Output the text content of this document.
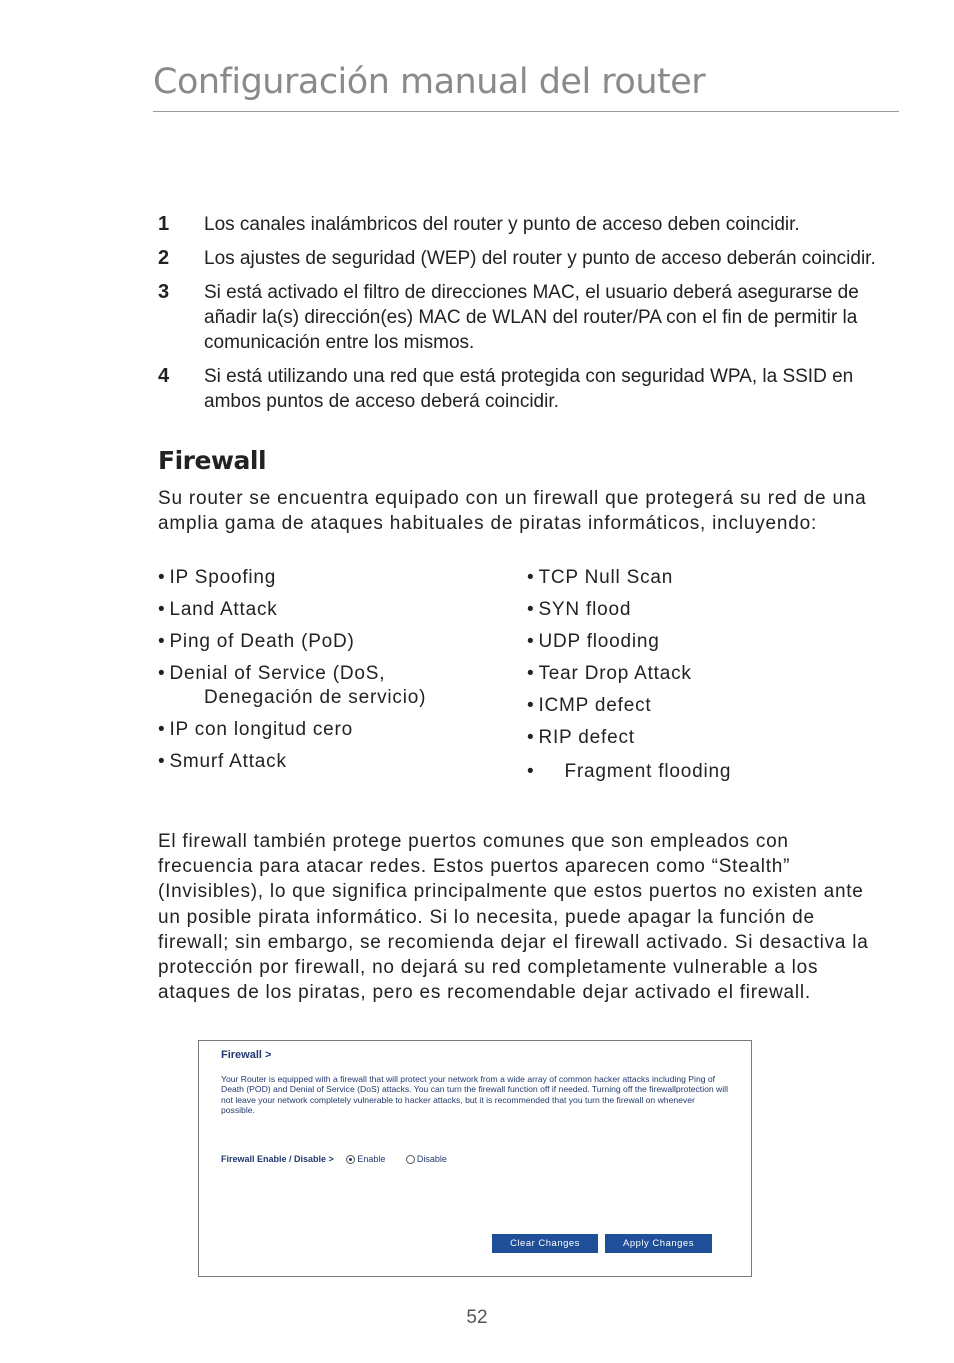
Configuración manual del router
1 Los canales inalámbricos del router y punto de acceso deben coincidir.
2 Los ajustes de seguridad (WEP) del router y punto de acceso deberán coincidir.
3 Si está activado el filtro de direcciones MAC, el usuario deberá asegurarse de añadir la(s) dirección(es) MAC de WLAN del router/PA con el fin de permitir la comunicación entre los mismos.
4 Si está utilizando una red que está protegida con seguridad WPA, la SSID en ambos puntos de acceso deberá coincidir.
Firewall
Su router se encuentra equipado con un firewall que protegerá su red de una amplia gama de ataques habituales de piratas informáticos, incluyendo:
• IP Spoofing
• Land Attack
• Ping of Death (PoD)
• Denial of Service (DoS,
Denegación de servicio)
• IP con longitud cero
• Smurf Attack
• TCP Null Scan
• SYN flood
• UDP flooding
• Tear Drop Attack
• ICMP defect
• RIP defect
• Fragment flooding
El firewall también protege puertos comunes que son empleados con frecuencia para atacar redes. Estos puertos aparecen como “Stealth” (Invisibles), lo que significa principalmente que estos puertos no existen ante un posible pirata informático. Si lo necesita, puede apagar la función de firewall; sin embargo, se recomienda dejar el firewall activado. Si desactiva la protección por firewall, no dejará su red completamente vulnerable a los ataques de los piratas, pero es recomendable dejar activado el firewall.
Firewall >
Your Router is equipped with a firewall that will protect your network from a wide array of common hacker attacks including Ping of Death (POD) and Denial of Service (DoS) attacks. You can turn the firewall function off if needed. Turning off the firewallprotection will not leave your network completely vulnerable to hacker attacks, but it is recommended that you turn the firewall on whenever possible.
Firewall Enable / Disable >	Enable	Disable
Clear Changes	Apply Changes
52
